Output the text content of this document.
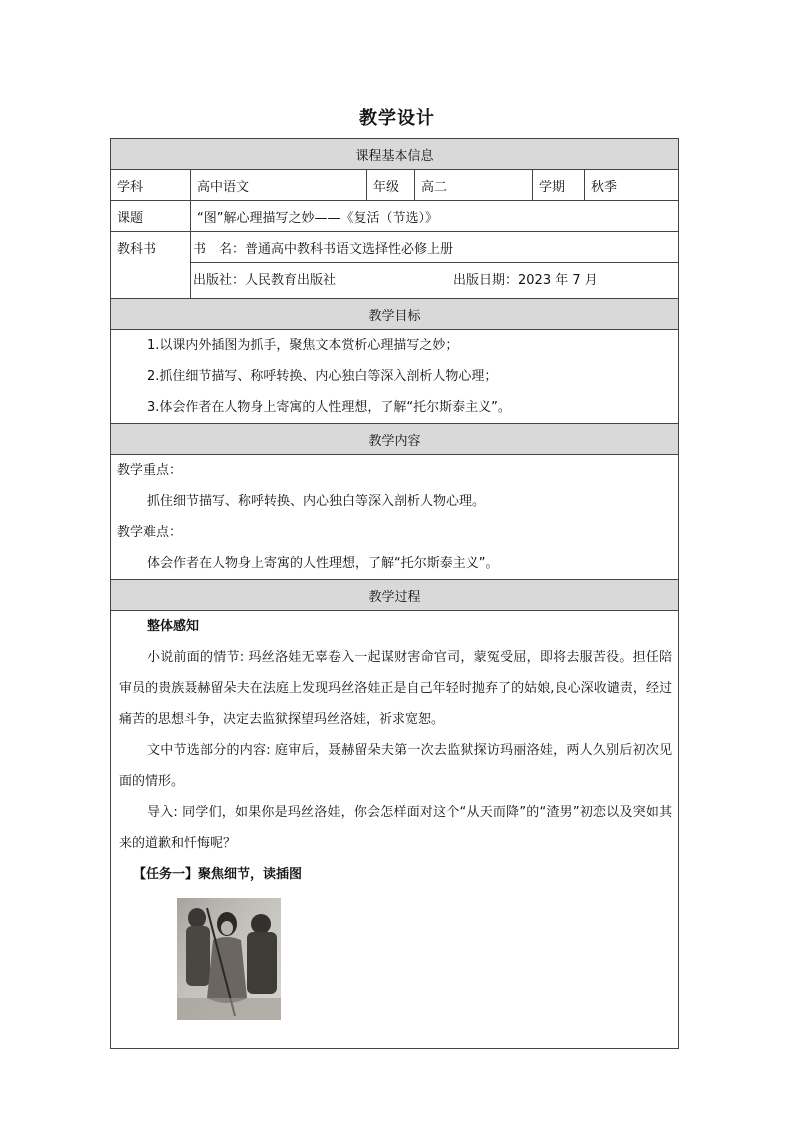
教学设计
课程基本信息					
学科	高中语文	年级	高二	学期	秋季
课题	“图”解心理描写之妙——《复活（节选）》				
教科书	书　名：普通高中教科书语文选择性必修上册
出版社：人民教育出版社 出版日期：2023 年 7 月				

教学目标					

1.以课内外插图为抓手，聚焦文本赏析心理描写之妙；
2.抓住细节描写、称呼转换、内心独白等深入剖析人物心理；
3.体会作者在人物身上寄寓的人性理想，了解“托尔斯泰主义”。					

教学内容					

教学重点：
抓住细节描写、称呼转换、内心独白等深入剖析人物心理。
教学难点：
体会作者在人物身上寄寓的人性理想，了解“托尔斯泰主义”。					

教学过程					

整体感知
小说前面的情节: 玛丝洛娃无辜卷入一起谋财害命官司，蒙冤受屈，即将去服苦役。担任陪审员的贵族聂赫留朵夫在法庭上发现玛丝洛娃正是自己年轻时抛弃了的姑娘,良心深收谴责，经过痛苦的思想斗争，决定去监狱探望玛丝洛娃，祈求宽恕。
文中节选部分的内容: 庭审后，聂赫留朵夫第一次去监狱探访玛丽洛娃，两人久别后初次见面的情形。
导入: 同学们，如果你是玛丝洛娃，你会怎样面对这个“从天而降”的“渣男”初恋以及突如其来的道歉和忏悔呢？
【任务一】聚焦细节，读插图					
